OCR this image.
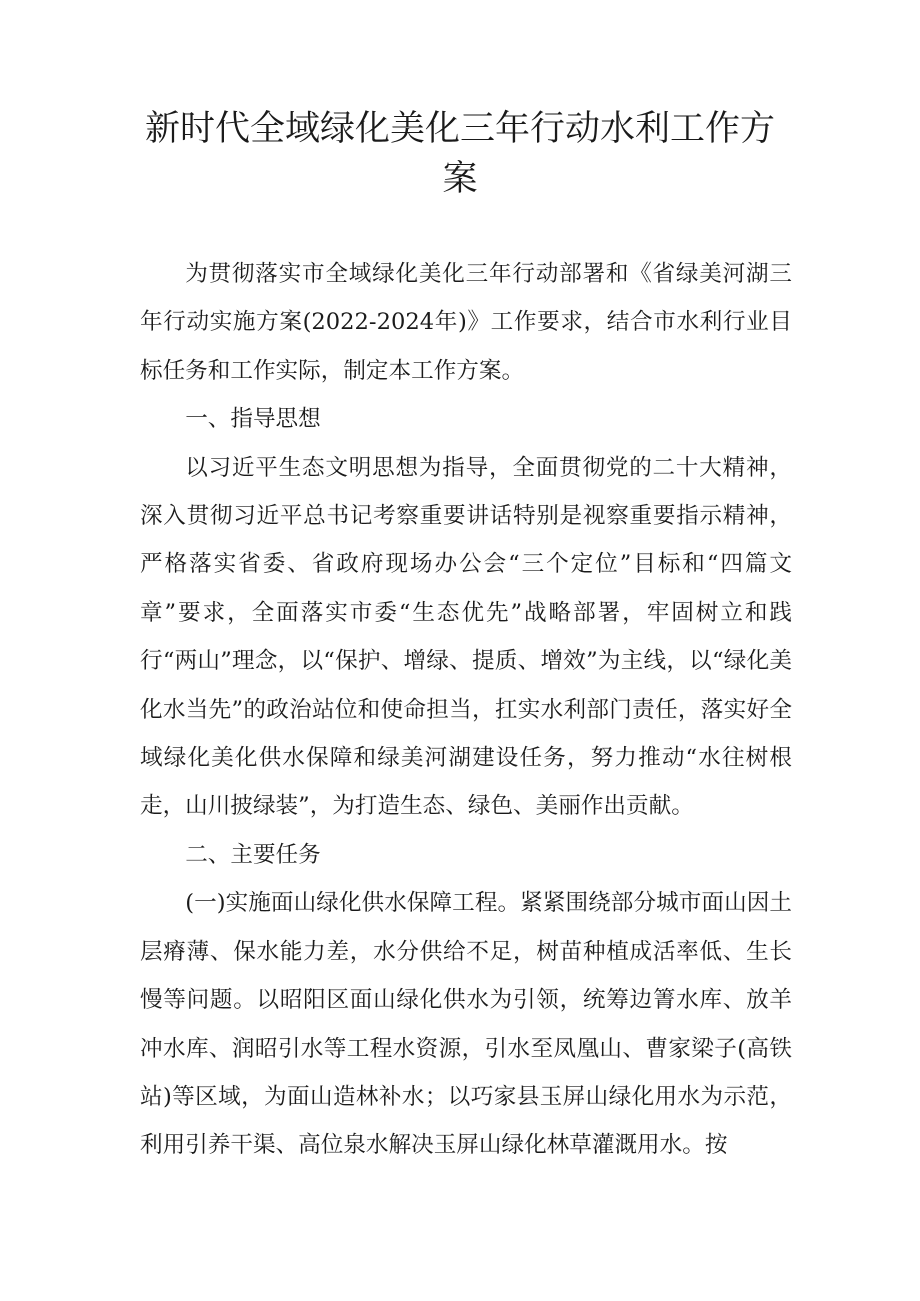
新时代全域绿化美化三年行动水利工作方案

为贯彻落实市全域绿化美化三年行动部署和《省绿美河湖三年行动实施方案(2022-2024年)》工作要求，结合市水利行业目标任务和工作实际，制定本工作方案。

一、指导思想

以习近平生态文明思想为指导，全面贯彻党的二十大精神，深入贯彻习近平总书记考察重要讲话特别是视察重要指示精神，严格落实省委、省政府现场办公会“三个定位”目标和“四篇文章”要求，全面落实市委“生态优先”战略部署，牢固树立和践行“两山”理念，以“保护、增绿、提质、增效”为主线，以“绿化美化水当先”的政治站位和使命担当，扛实水利部门责任，落实好全域绿化美化供水保障和绿美河湖建设任务，努力推动“水往树根走，山川披绿装”，为打造生态、绿色、美丽作出贡献。

二、主要任务

(一)实施面山绿化供水保障工程。紧紧围绕部分城市面山因土层瘠薄、保水能力差，水分供给不足，树苗种植成活率低、生长慢等问题。以昭阳区面山绿化供水为引领，统筹边箐水库、放羊冲水库、润昭引水等工程水资源，引水至凤凰山、曹家梁子(高铁站)等区域，为面山造林补水；以巧家县玉屏山绿化用水为示范，利用引养干渠、高位泉水解决玉屏山绿化林草灌溉用水。按
